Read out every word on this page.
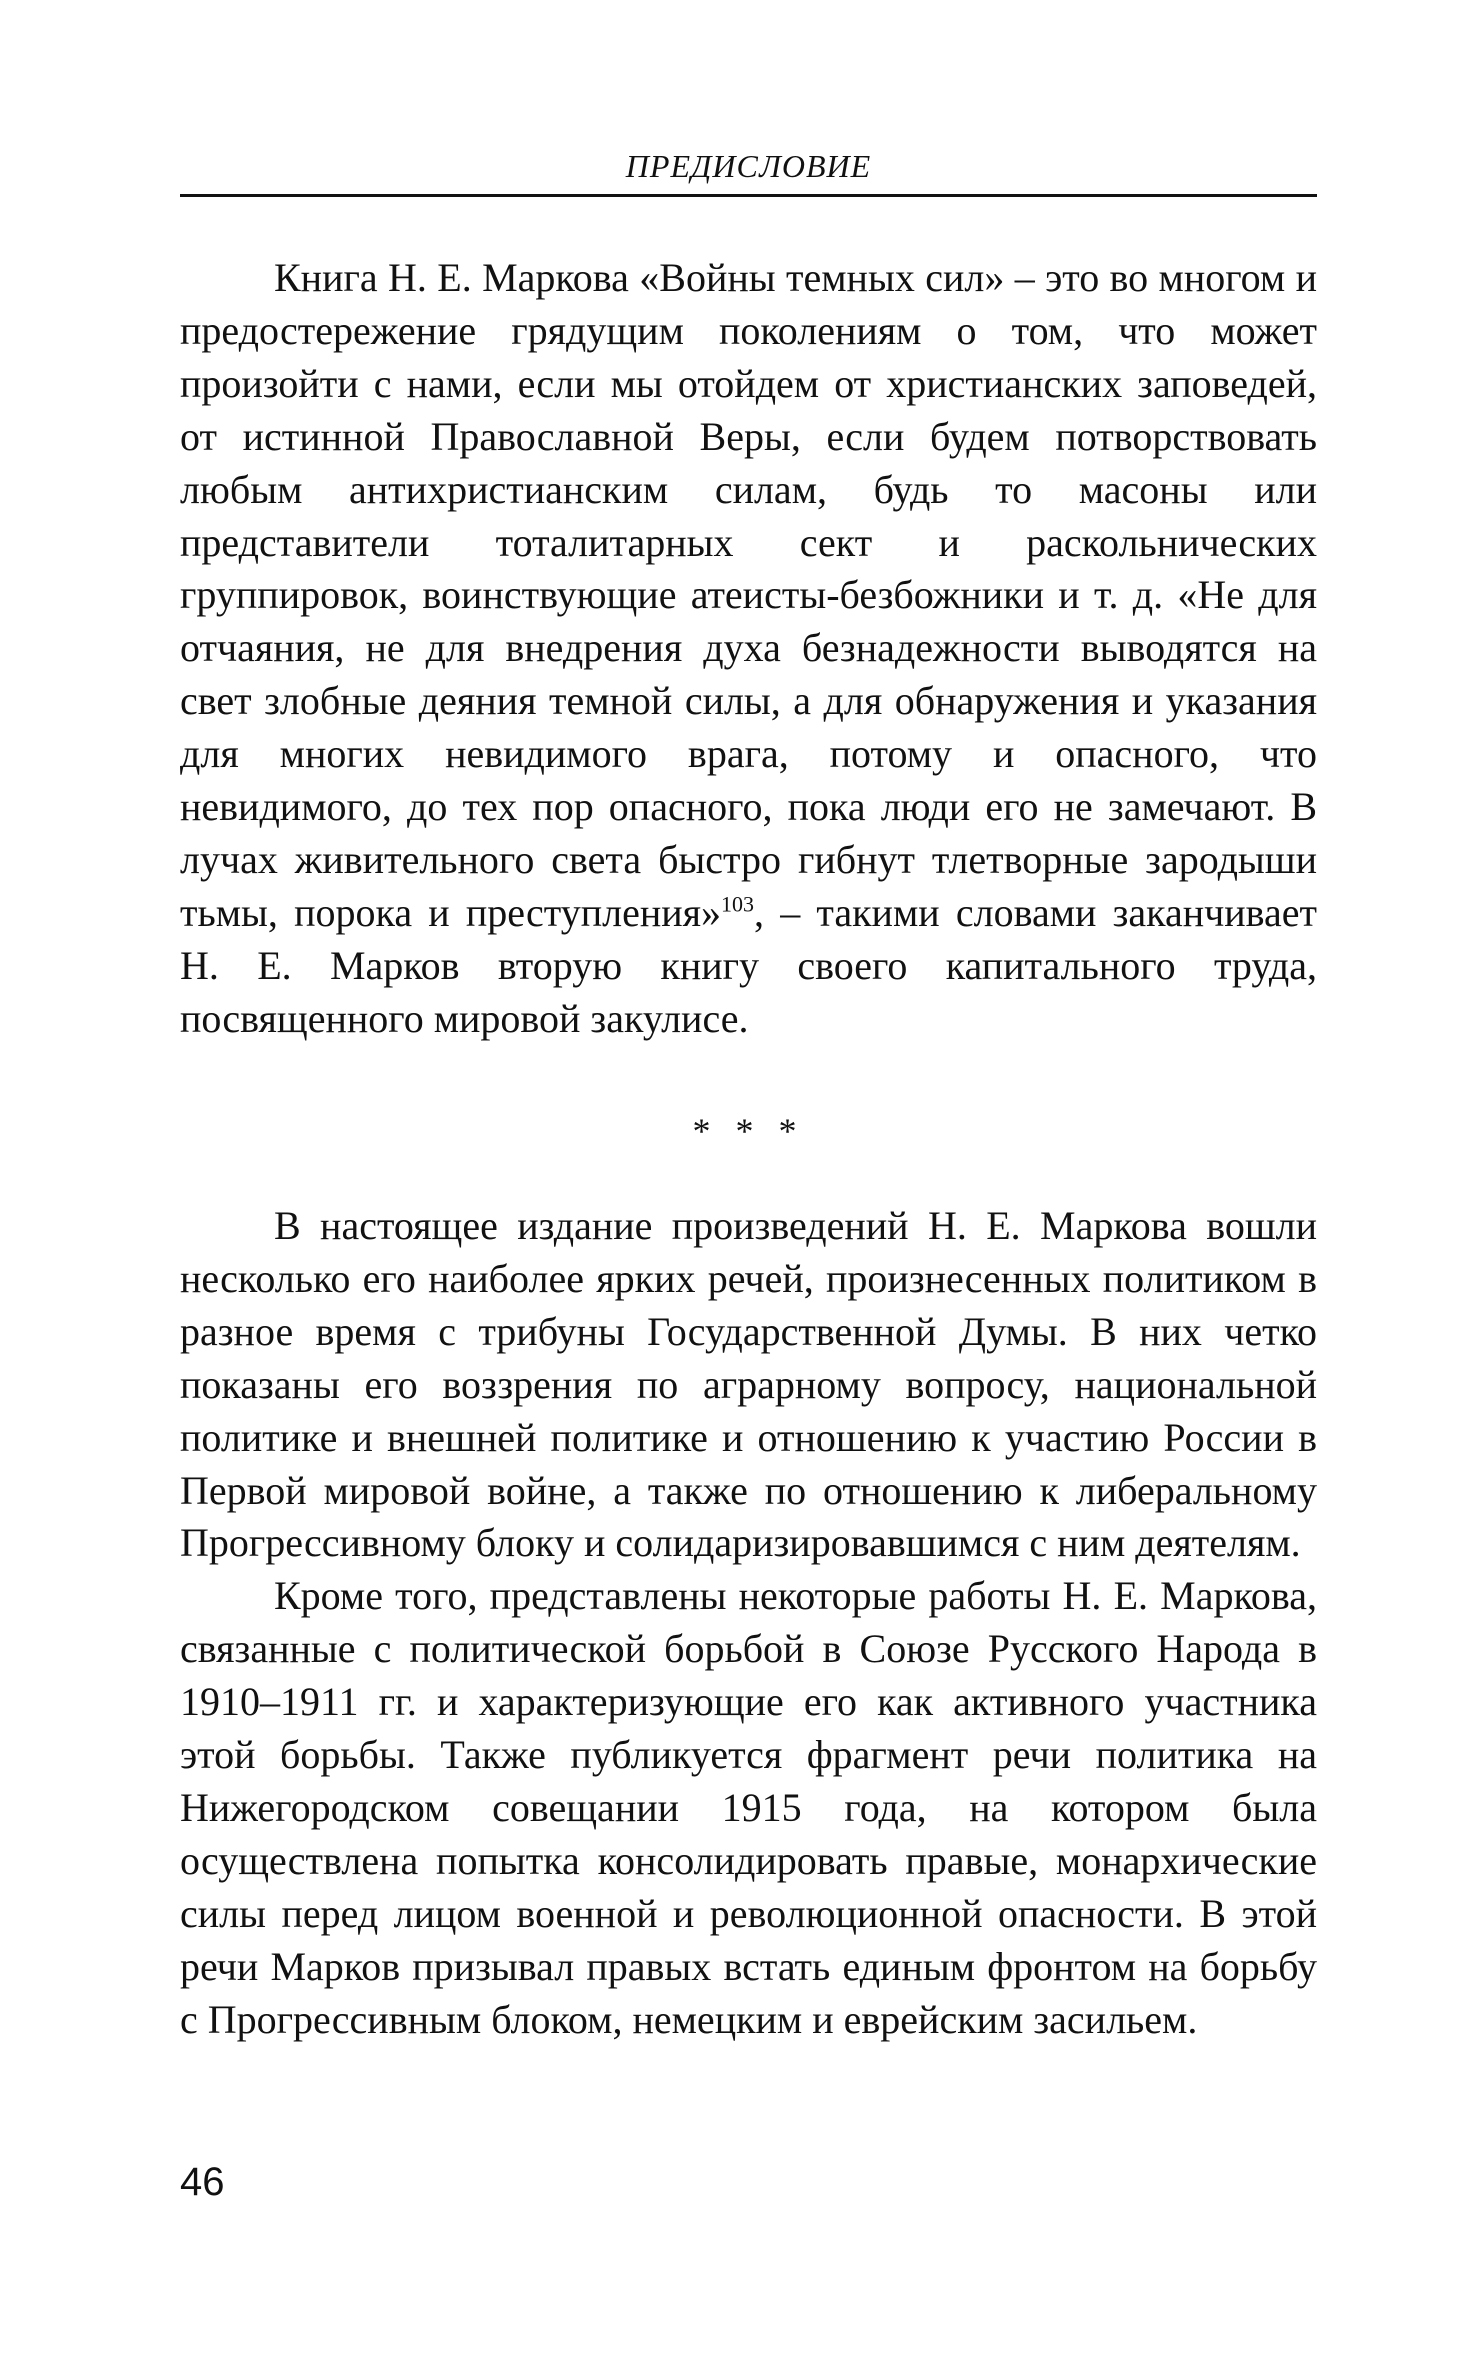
ПРЕДИСЛОВИЕ

Книга Н. Е. Маркова «Войны темных сил» – это во многом и предостережение грядущим поколениям о том, что может произойти с нами, если мы отойдем от христианских заповедей, от истинной Православной Веры, если будем потворствовать любым антихристианским силам, будь то масоны или представители тоталитарных сект и раскольнических группировок, воинствующие атеисты-безбожники и т. д. «Не для отчаяния, не для внедрения духа безнадежности выводятся на свет злобные деяния темной силы, а для обнаружения и указания для многих невидимого врага, потому и опасного, что невидимого, до тех пор опасного, пока люди его не замечают. В лучах живительного света быстро гибнут тлетворные зародыши тьмы, порока и преступления»$^{103}$, – такими словами заканчивает Н. Е. Марков вторую книгу своего капитального труда, посвященного мировой закулисе.

* * *

В настоящее издание произведений Н. Е. Маркова вошли несколько его наиболее ярких речей, произнесенных политиком в разное время с трибуны Государственной Думы. В них четко показаны его воззрения по аграрному вопросу, национальной политике и внешней политике и отношению к участию России в Первой мировой войне, а также по отношению к либеральному Прогрессивному блоку и солидаризировавшимся с ним деятелям.

Кроме того, представлены некоторые работы Н. Е. Маркова, связанные с политической борьбой в Союзе Русского Народа в 1910–1911 гг. и характеризующие его как активного участника этой борьбы. Также публикуется фрагмент речи политика на Нижегородском совещании 1915 года, на котором была осуществлена попытка консолидировать правые, монархические силы перед лицом военной и революционной опасности. В этой речи Марков призывал правых встать единым фронтом на борьбу с Прогрессивным блоком, немецким и еврейским засильем.

46
